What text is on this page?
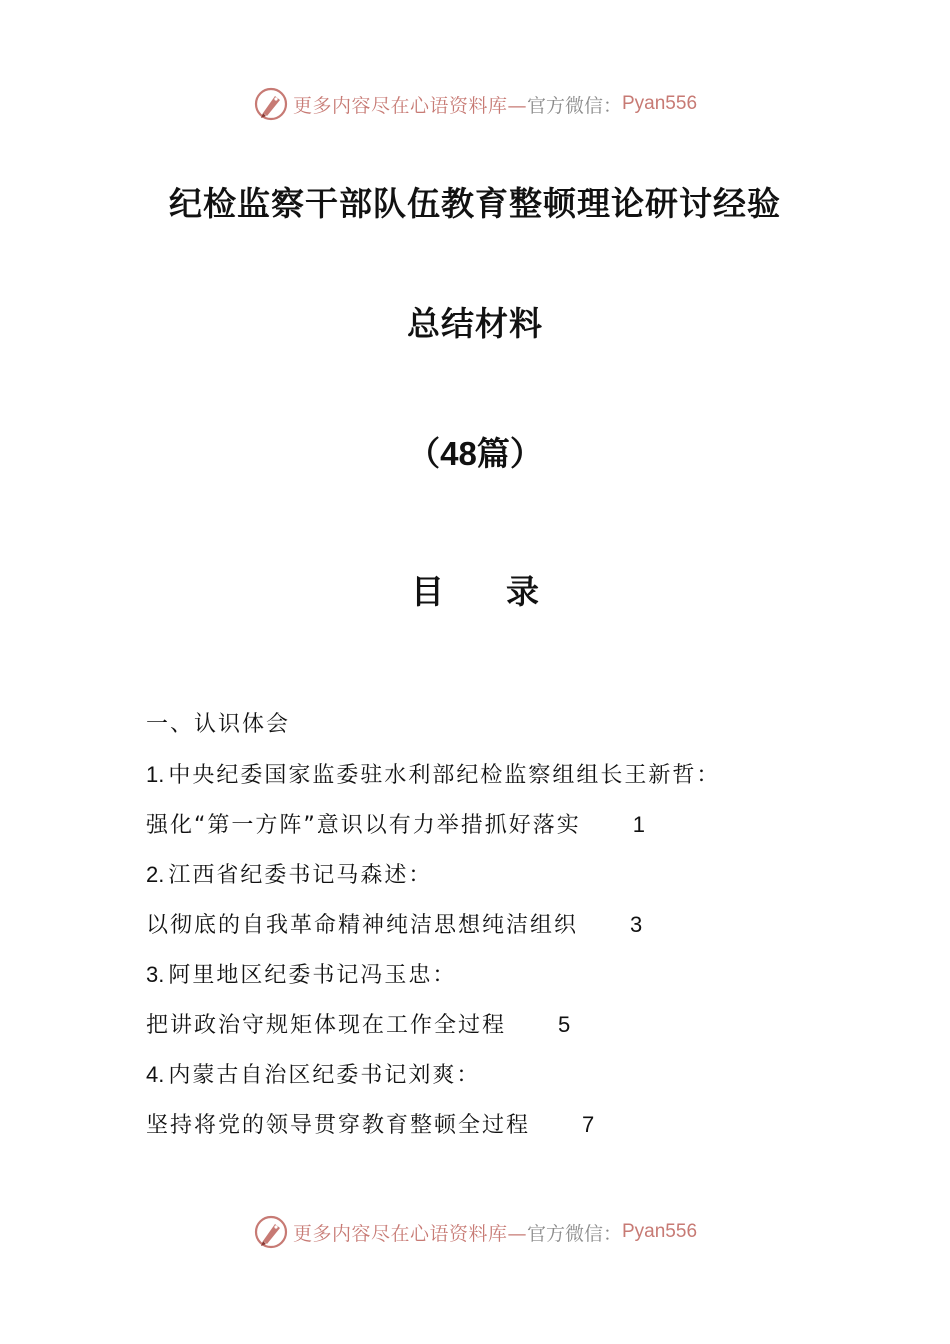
更多内容尽在心语资料库— 官方微信： Pyan556
纪检监察干部队伍教育整顿理论研讨经验
总结材料
（48篇）
目 录
一、认识体会
1. 中央纪委国家监委驻水利部纪检监察组组长王新哲：
强化“第一方阵”意识以有力举措抓好落实 1
2. 江西省纪委书记马森述：
以彻底的自我革命精神纯洁思想纯洁组织 3
3. 阿里地区纪委书记冯玉忠：
把讲政治守规矩体现在工作全过程 5
4. 内蒙古自治区纪委书记刘爽：
坚持将党的领导贯穿教育整顿全过程 7
更多内容尽在心语资料库— 官方微信： Pyan556
